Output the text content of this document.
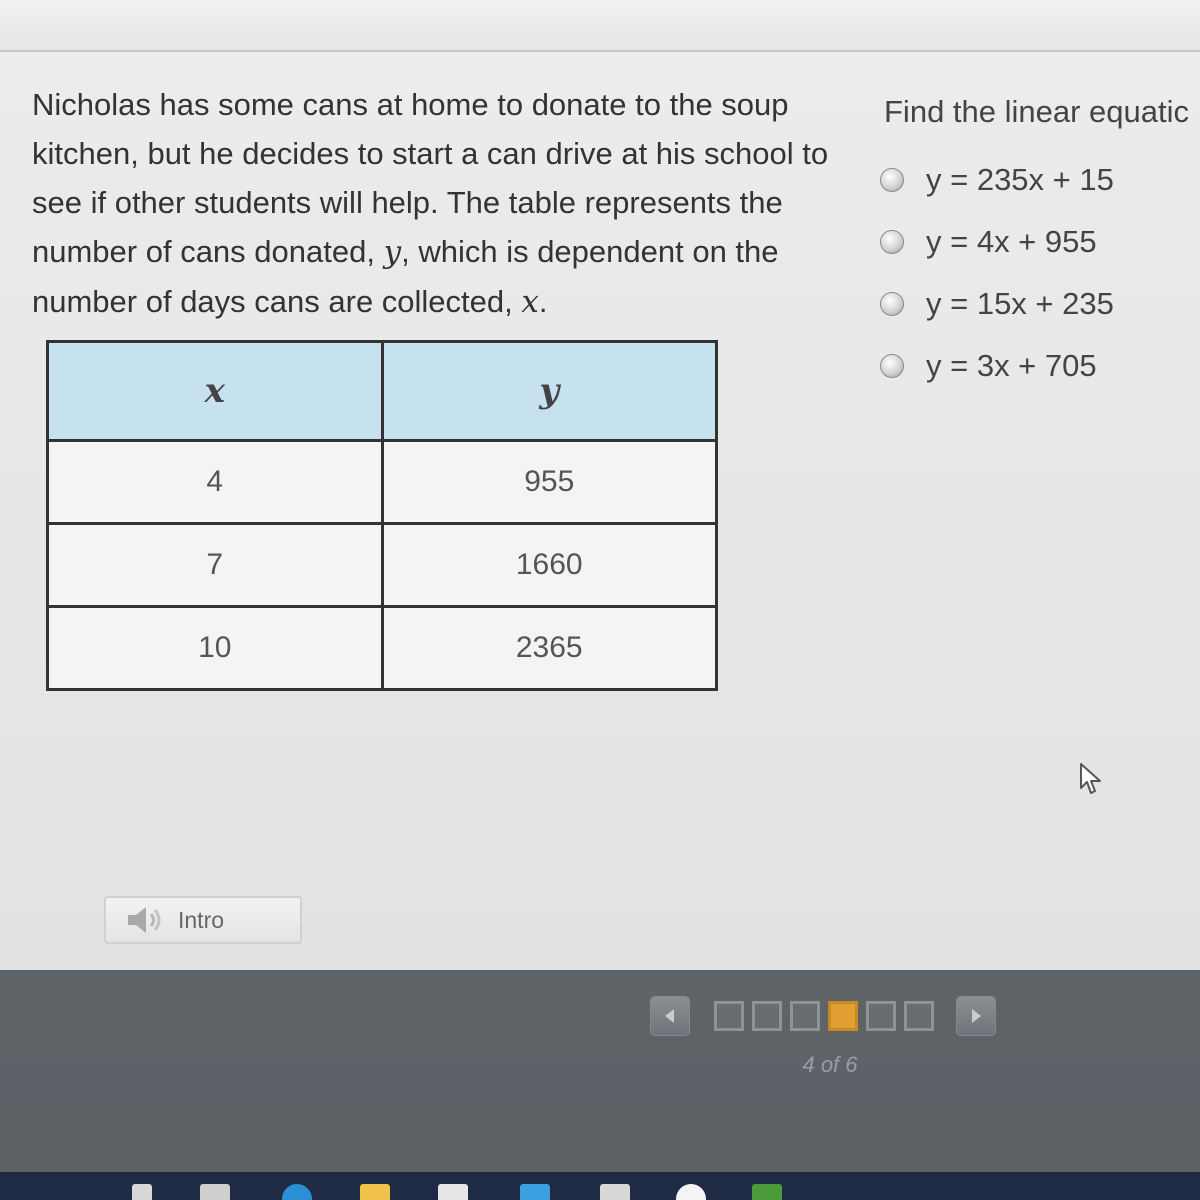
Nicholas has some cans at home to donate to the soup kitchen, but he decides to start a can drive at his school to see if other students will help. The table represents the number of cans donated, y, which is dependent on the number of days cans are collected, x.
x	y
4	955
7	1660
10	2365
Find the linear equatic
y = 235x + 15
y = 4x + 955
y = 15x + 235
y = 3x + 705
Intro
4 of 6
